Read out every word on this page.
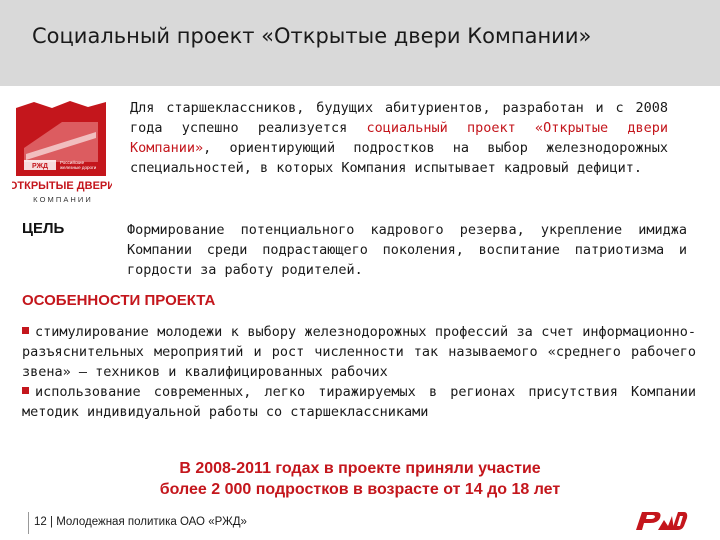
Социальный проект «Открытые двери Компании»
РЖД
Российские
железные дороги
ОТКРЫТЫЕ ДВЕРИ
К О М П А Н И И
Для старшеклассников, будущих абитуриентов, разработан и с 2008 года успешно реализуется социальный проект «Открытые двери Компании», ориентирующий подростков на выбор железнодорожных специальностей, в которых Компания испытывает кадровый дефицит.
ЦЕЛЬ	Формирование потенциального кадрового резерва, укрепление имиджа Компании среди подрастающего поколения, воспитание патриотизма и гордости за работу родителей.
ОСОБЕННОСТИ ПРОЕКТА

стимулирование молодежи к выбору железнодорожных профессий за счет информационно-разъяснительных мероприятий и рост численности так называемого «среднего рабочего звена» – техников и квалифицированных рабочих

использование современных, легко тиражируемых в регионах присутствия Компании методик индивидуальной работы со старшеклассниками

В 2008-2011 годах в проекте приняли участие
более 2 000 подростков в возрасте от 14 до 18 лет
12 | Молодежная политика ОАО «РЖД»
